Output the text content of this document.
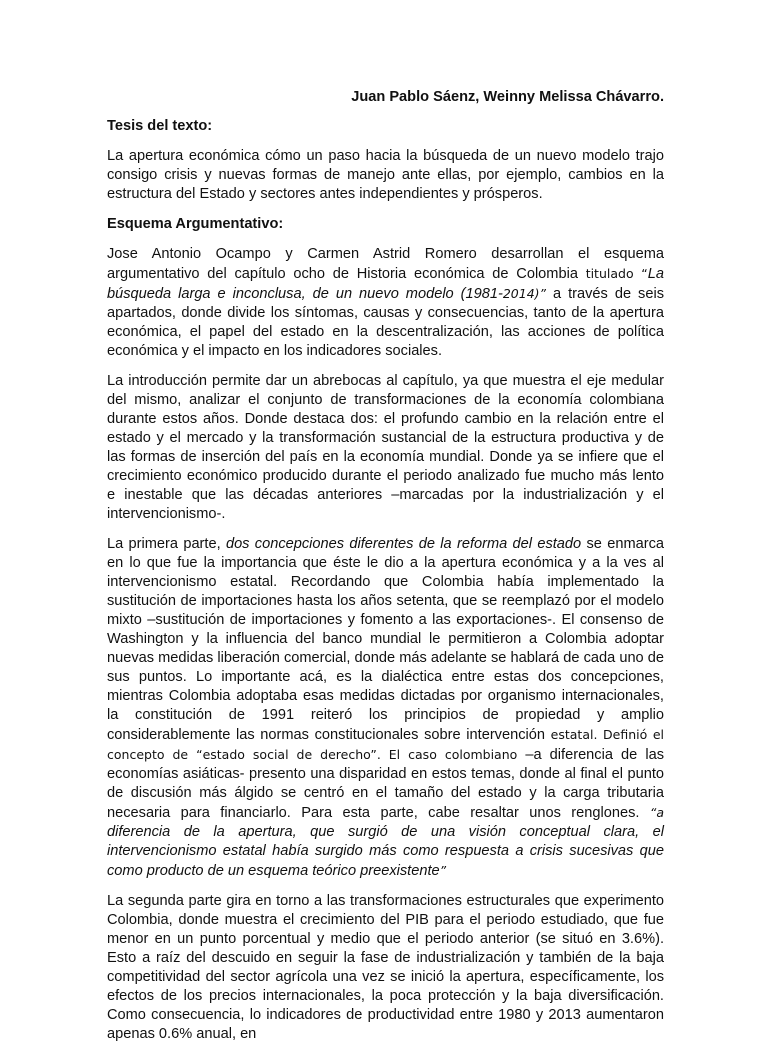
Juan Pablo Sáenz, Weinny Melissa Chávarro.
Tesis del texto:

La apertura económica cómo un paso hacia la búsqueda de un nuevo modelo trajo consigo crisis y nuevas formas de manejo ante ellas, por ejemplo, cambios en la estructura del Estado y sectores antes independientes y prósperos.

Esquema Argumentativo:

Jose Antonio Ocampo y Carmen Astrid Romero desarrollan el esquema argumentativo del capítulo ocho de Historia económica de Colombia titulado “La búsqueda larga e inconclusa, de un nuevo modelo (1981-2014)” a través de seis apartados, donde divide los síntomas, causas y consecuencias, tanto de la apertura económica, el papel del estado en la descentralización, las acciones de política económica y el impacto en los indicadores sociales.

La introducción permite dar un abrebocas al capítulo, ya que muestra el eje medular del mismo, analizar el conjunto de transformaciones de la economía colombiana durante estos años. Donde destaca dos: el profundo cambio en la relación entre el estado y el mercado y la transformación sustancial de la estructura productiva y de las formas de inserción del país en la economía mundial. Donde ya se infiere que el crecimiento económico producido durante el periodo analizado fue mucho más lento e inestable que las décadas anteriores –marcadas por la industrialización y el intervencionismo-.

La primera parte, dos concepciones diferentes de la reforma del estado se enmarca en lo que fue la importancia que éste le dio a la apertura económica y a la ves al intervencionismo estatal. Recordando que Colombia había implementado la sustitución de importaciones hasta los años setenta, que se reemplazó por el modelo mixto –sustitución de importaciones y fomento a las exportaciones-. El consenso de Washington y la influencia del banco mundial le permitieron a Colombia adoptar nuevas medidas liberación comercial, donde más adelante se hablará de cada uno de sus puntos. Lo importante acá, es la dialéctica entre estas dos concepciones, mientras Colombia adoptaba esas medidas dictadas por organismo internacionales, la constitución de 1991 reiteró los principios de propiedad y amplio considerablemente las normas constitucionales sobre intervención estatal. Definió el concepto de “estado social de derecho”. El caso colombiano –a diferencia de las economías asiáticas- presento una disparidad en estos temas, donde al final el punto de discusión más álgido se centró en el tamaño del estado y la carga tributaria necesaria para financiarlo. Para esta parte, cabe resaltar unos renglones. “a diferencia de la apertura, que surgió de una visión conceptual clara, el intervencionismo estatal había surgido más como respuesta a crisis sucesivas que como producto de un esquema teórico preexistente”

La segunda parte gira en torno a las transformaciones estructurales que experimento Colombia, donde muestra el crecimiento del PIB para el periodo estudiado, que fue menor en un punto porcentual y medio que el periodo anterior (se situó en 3.6%). Esto a raíz del descuido en seguir la fase de industrialización y también de la baja competitividad del sector agrícola una vez se inició la apertura, específicamente, los efectos de los precios internacionales, la poca protección y la baja diversificación. Como consecuencia, lo indicadores de productividad entre 1980 y 2013 aumentaron apenas 0.6% anual, en
